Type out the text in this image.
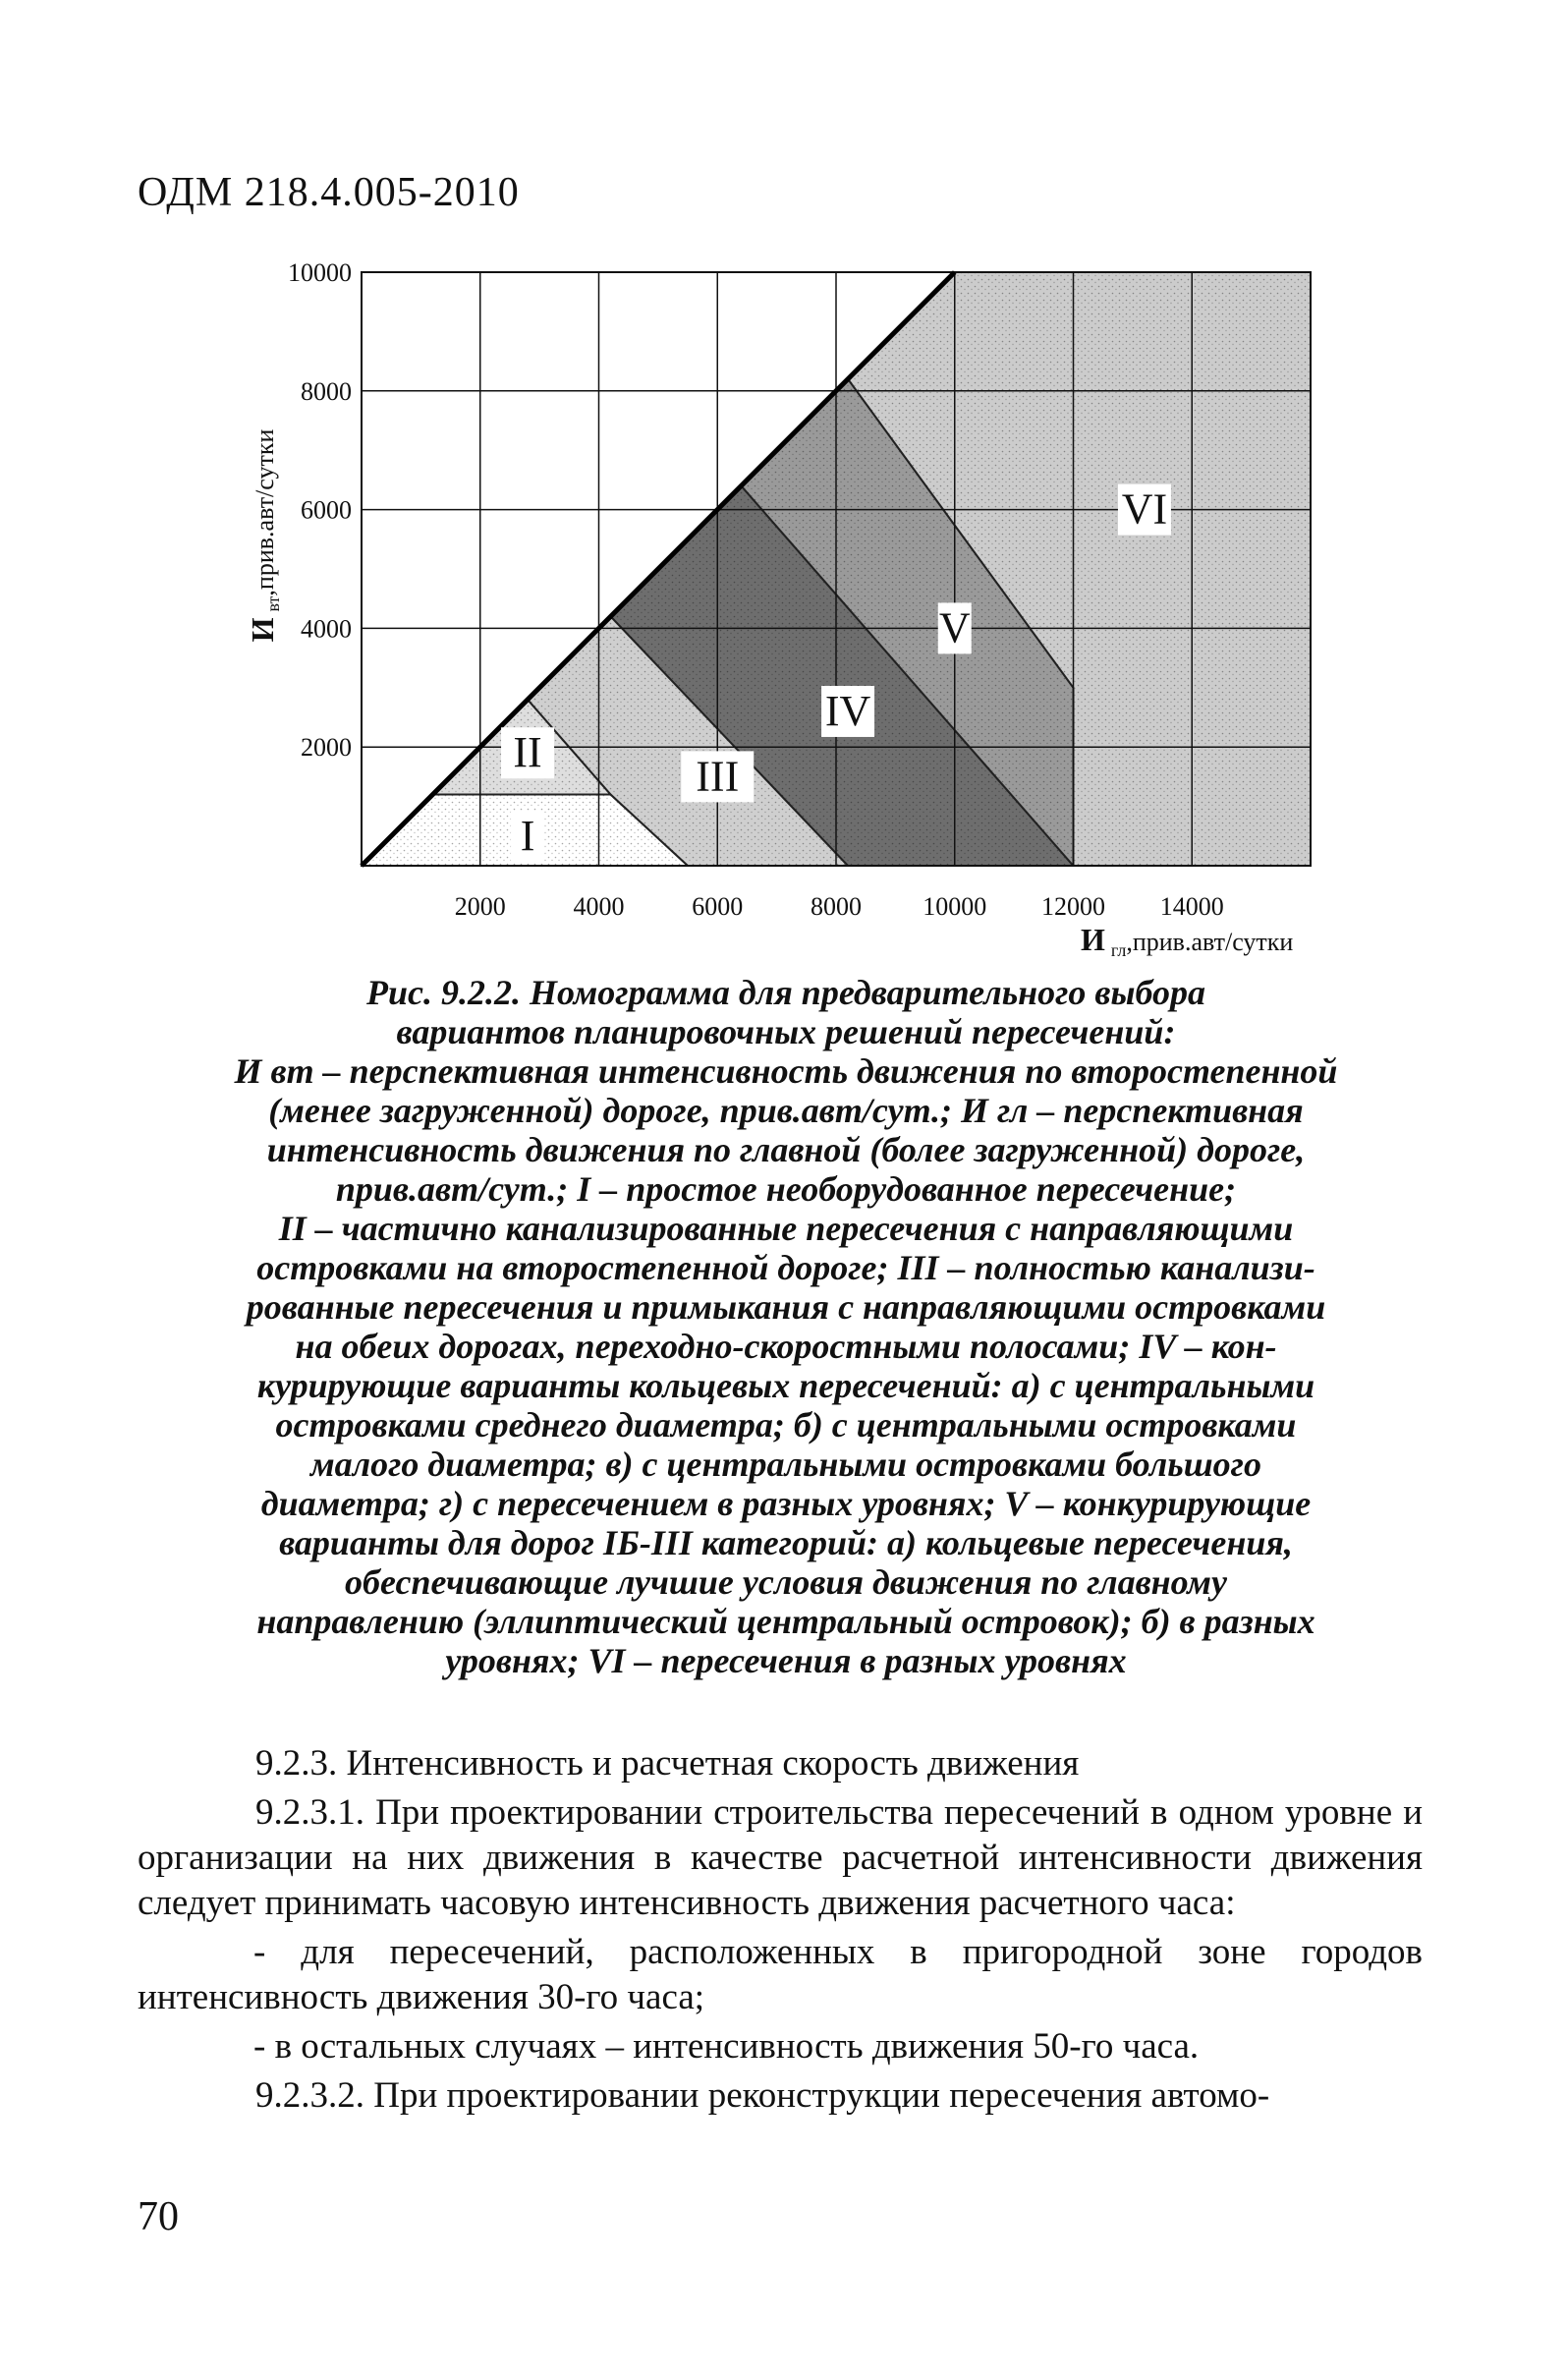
ОДМ 218.4.005-2010
I
II	III
IV
V
VI
2000	4000	6000	8000 10000 12000 14000
2000
4000
6000
8000
10000
И $_{гл}$,прив.авт/сутки
$И_{вт},прив.авт$/сутки

Рис. 9.2.2. Номограмма для предварительного выбора

вариантов планировочных решений пересечений:

И вт – перспективная интенсивность движения по второстепенной

(менее загруженной) дороге, прив.авт/сут.; И гл – перспективная

интенсивность движения по главной (более загруженной) дороге,

прив.авт/сут.; I – простое необорудованное пересечение;

II – частично канализированные пересечения с направляющими

островками на второстепенной дороге; III – полностью канализи-

рованные пересечения и примыкания с направляющими островками

на обеих дорогах, переходно-скоростными полосами; IV – кон-

курирующие варианты кольцевых пересечений: а) с центральными

островками среднего диаметра; б) с центральными островками

малого диаметра; в) с центральными островками большого

диаметра; г) с пересечением в разных уровнях; V – конкурирующие

варианты для дорог IБ-III категорий: а) кольцевые пересечения,

обеспечивающие лучшие условия движения по главному

направлению (эллиптический центральный островок); б) в разных

уровнях; VI – пересечения в разных уровнях

9.2.3. Интенсивность и расчетная скорость движения

9.2.3.1. При проектировании строительства пересечений в одном уровне и организации на них движения в качестве расчетной интенсивности движения следует принимать часовую интенсивность движения расчетного часа:

- для пересечений, расположенных в пригородной зоне городов интенсивность движения 30-го часа;

- в остальных случаях – интенсивность движения 50-го часа.

9.2.3.2. При проектировании реконструкции пересечения автомо-

70
